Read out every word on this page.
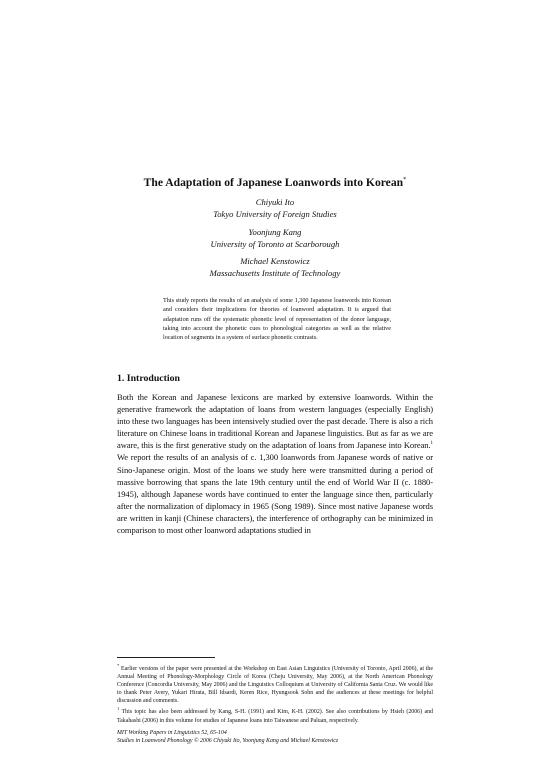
The Adaptation of Japanese Loanwords into Korean*
Chiyuki Ito
Tokyo University of Foreign Studies
Yoonjung Kang
University of Toronto at Scarborough
Michael Kenstowicz
Massachusetts Institute of Technology
This study reports the results of an analysis of some 1,300 Japanese loanwords into Korean and considers their implications for theories of loanword adaptation. It is argued that adaptation runs off the systematic phonetic level of representation of the donor language, taking into account the phonetic cues to phonological categories as well as the relative location of segments in a system of surface phonetic contrasts.
1. Introduction
Both the Korean and Japanese lexicons are marked by extensive loanwords. Within the generative framework the adaptation of loans from western languages (especially English) into these two languages has been intensively studied over the past decade. There is also a rich literature on Chinese loans in traditional Korean and Japanese linguistics. But as far as we are aware, this is the first generative study on the adaptation of loans from Japanese into Korean.$^1$ We report the results of an analysis of c. 1,300 loanwords from Japanese words of native or Sino-Japanese origin. Most of the loans we study here were transmitted during a period of massive borrowing that spans the late 19th century until the end of World War II (c. 1880-1945), although Japanese words have continued to enter the language since then, particularly after the normalization of diplomacy in 1965 (Song 1989). Since most native Japanese words are written in kanji (Chinese characters), the interference of orthography can be minimized in comparison to most other loanword adaptations studied in

* Earlier versions of the paper were presented at the Workshop on East Asian Linguistics (University of Toronto, April 2006), at the Annual Meeting of Phonology-Morphology Circle of Korea (Cheju University, May 2006), at the North American Phonology Conference (Concordia University, May 2006) and the Linguistics Colloquium at University of California Santa Cruz. We would like to thank Peter Avery, Yukari Hirata, Bill Idsardi, Keren Rice, Hyungsook Sohn and the audiences at these meetings for helpful discussion and comments.

$^1$ This topic has also been addressed by Kang, S-H. (1991) and Kim, K-H. (2002). See also contributions by Hsieh (2006) and Takahashi (2006) in this volume for studies of Japanese loans into Taiwanese and Paluan, respectively.

MIT Working Papers in Linguistics 52, 65-104

Studies in Loanword Phonology © 2006 Chiyuki Ito, Yoonjung Kang and Michael Kenstowicz
